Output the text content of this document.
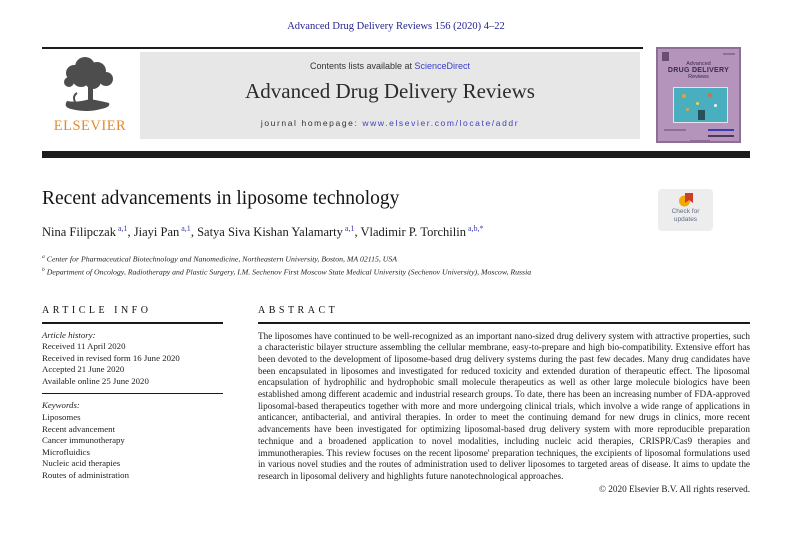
Advanced Drug Delivery Reviews 156 (2020) 4–22
ELSEVIER
Contents lists available at ScienceDirect
Advanced Drug Delivery Reviews
journal homepage: www.elsevier.com/locate/addr
Advanced
DRUG DELIVERY
Reviews
Recent advancements in liposome technology
Check for
updates
Nina Filipczak $^{a,1}$, Jiayi Pan $^{a,1}$, Satya Siva Kishan Yalamarty $^{a,1}$, Vladimir P. Torchilin $^{a,b,*}$
$^a$ Center for Pharmaceutical Biotechnology and Nanomedicine, Northeastern University, Boston, MA 02115, USA
$^b$ Department of Oncology, Radiotherapy and Plastic Surgery, I.M. Sechenov First Moscow State Medical University (Sechenov University), Moscow, Russia
ARTICLE INFO
Article history:
Received 11 April 2020
Received in revised form 16 June 2020
Accepted 21 June 2020
Available online 25 June 2020
Keywords:
Liposomes
Recent advancement
Cancer immunotherapy
Microfluidics
Nucleic acid therapies
Routes of administration
ABSTRACT
The liposomes have continued to be well-recognized as an important nano-sized drug delivery system with attractive properties, such a characteristic bilayer structure assembling the cellular membrane, easy-to-prepare and high bio-compatibility. Extensive effort has been devoted to the development of liposome-based drug delivery systems during the past few decades. Many drug candidates have been encapsulated in liposomes and investigated for reduced toxicity and extended duration of therapeutic effect. The liposomal encapsulation of hydrophilic and hydrophobic small molecule therapeutics as well as other large molecule biologics have been established among different academic and industrial research groups. To date, there has been an increasing number of FDA-approved liposomal-based therapeutics together with more and more undergoing clinical trials, which involve a wide range of applications in anticancer, antibacterial, and antiviral therapies. In order to meet the continuing demand for new drugs in clinics, more recent advancements have been investigated for optimizing liposomal-based drug delivery system with more reproducible preparation technique and a broadened application to novel modalities, including nucleic acid therapies, CRISPR/Cas9 therapies and immunotherapies. This review focuses on the recent liposome' preparation techniques, the excipients of liposomal formulations used in various novel studies and the routes of administration used to deliver liposomes to targeted areas of disease. It aims to update the research in liposomal delivery and highlights future nanotechnological approaches.
© 2020 Elsevier B.V. All rights reserved.
